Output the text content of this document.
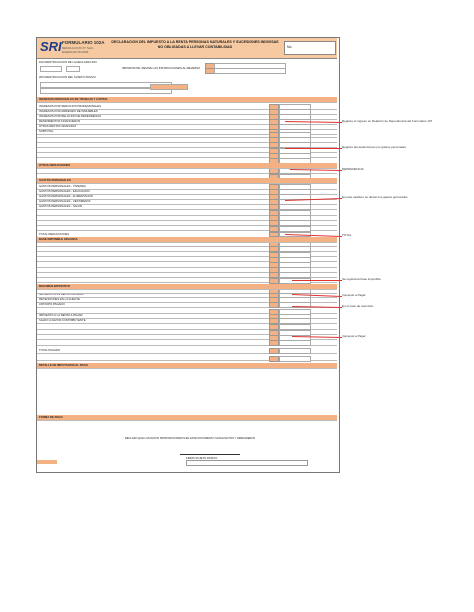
SRI FORMULARIO 102A
RESOLUCION N° NAC-DGERCGC15-0003
DECLARACION DEL IMPUESTO A LA RENTA PERSONAS NATURALES Y SUCESIONES INDIVISAS
NO OBLIGADAS A LLEVAR CONTABILIDAD	No.
100 IDENTIFICACION DE LA DECLARACION
IMPORTANTE: REVISE LAS INSTRUCCIONES AL REVERSO
200 IDENTIFICACION DEL SUJETO PASIVO
INGRESOS PERSONALES DE TRABAJO Y CAPITAL
INGRESOS POR SERVICIOS PROFESIONALES
INGRESOS POR ARRIENDO DE INMUEBLES
INGRESOS POR RELACION DE DEPENDENCIA
RENDIMIENTOS FINANCIEROS
OTRAS RENTAS GRAVADAS
SUBTOTAL
GASTOS PERSONALES - VIVIENDA
GASTOS PERSONALES - EDUCACION
GASTOS PERSONALES - ALIMENTACION
GASTOS PERSONALES - VESTIMENTA
GASTOS PERSONALES - SALUD
TOTAL DEDUCCIONES
IMPUESTO A LA RENTA CAUSADO
RETENCIONES EN LA FUENTE
ANTICIPO PAGADO
IMPUESTO A LA RENTA A PAGAR
SALDO A FAVOR CONTRIBUYENTE
TOTAL PAGADO
OTRAS DEDUCCIONES
GASTOS PERSONALES
BASE IMPONIBLE GRAVADA
RESUMEN IMPOSITIVO
DETALLE DE IMPUTACION AL PAGO
FORMA DE PAGO
FIRMA SUJETO PASIVO
DECLARO QUE LOS DATOS PROPORCIONADOS EN ESTE DOCUMENTO SON EXACTOS Y VERDADEROS
Registre el ingreso en Relación de Dependencia del Formulario 107
Registre las deducciones por gastos personales
DEPENDENCIA
En este casillero se ubican los gastos personales
TOTAL
Se registra la base imponible
Impuesto a Pagar
En el caso de retención
Impuesto a Pagar
